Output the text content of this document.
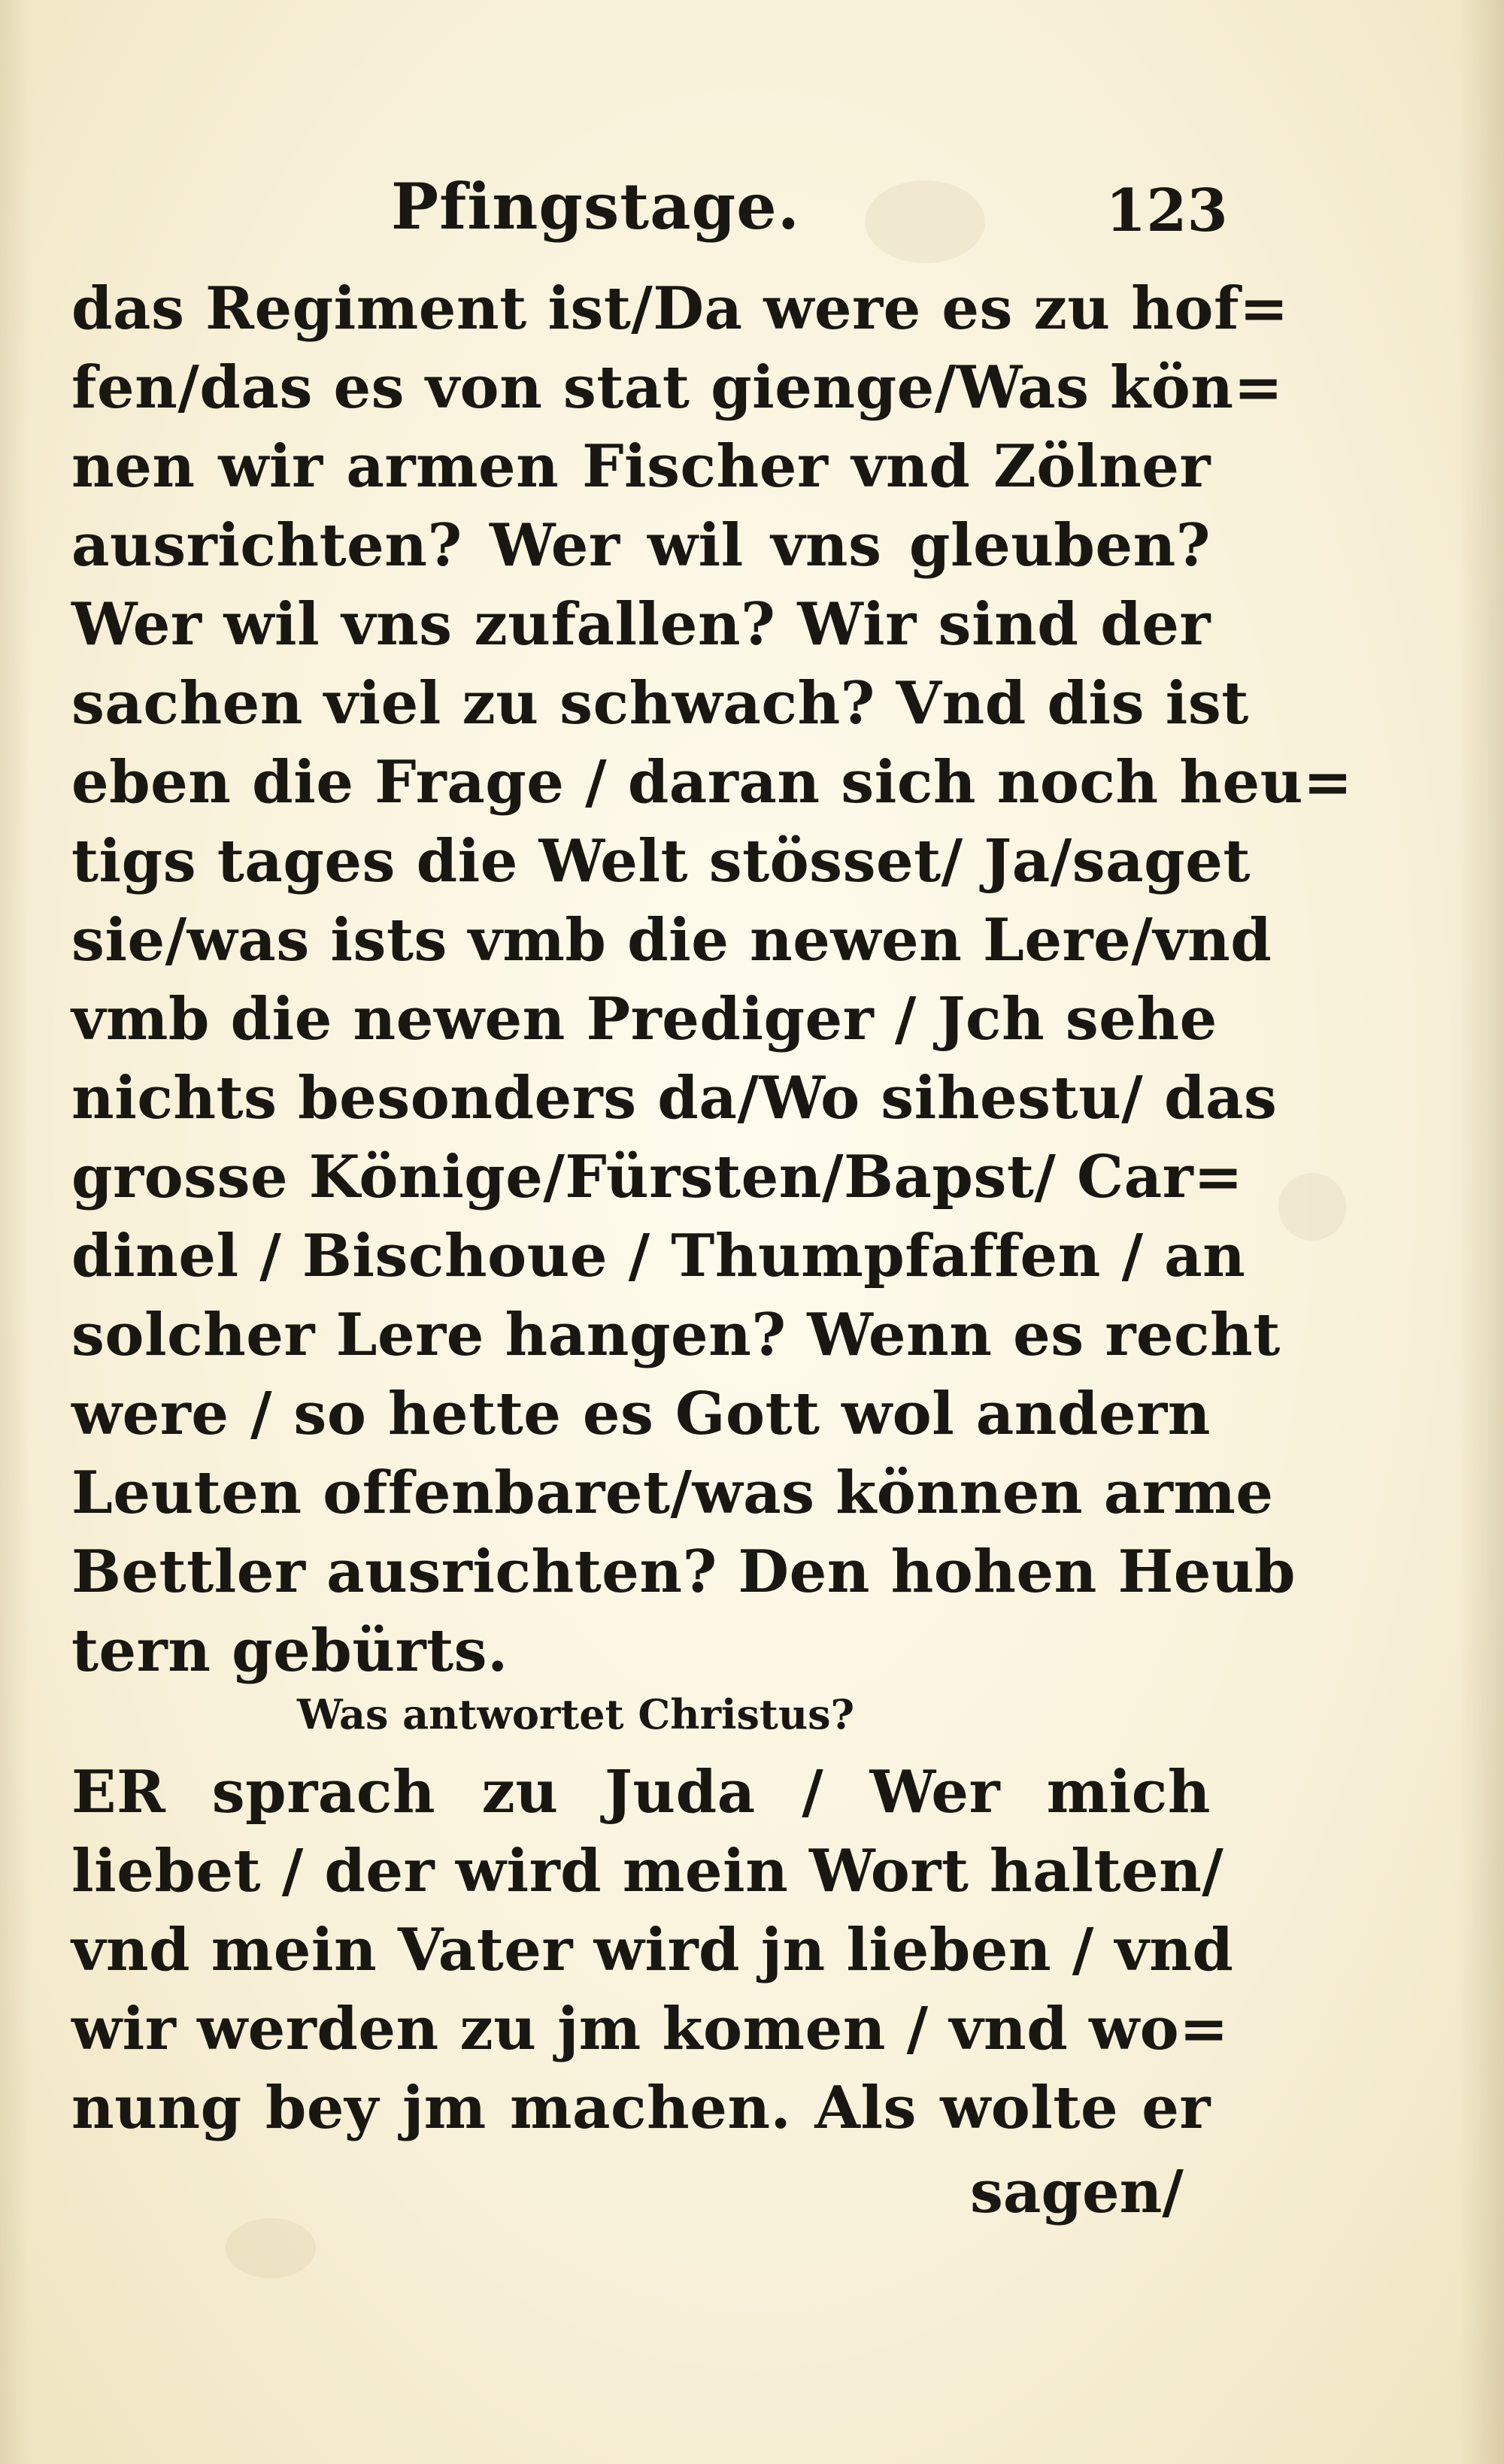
Pfingstage.	123
das Regiment ist/Da were es zu hof=
fen/das es von stat gienge/Was kön=
nen wir armen Fischer vnd Zölner
ausrichten? Wer wil vns gleuben?
Wer wil vns zufallen? Wir sind der
sachen viel zu schwach? Vnd dis ist
eben die Frage / daran sich noch heu=
tigs tages die Welt stösset/ Ja/saget
sie/was ists vmb die newen Lere/vnd
vmb die newen Prediger / Jch sehe
nichts besonders da/Wo sihestu/ das
grosse Könige/Fürsten/Bapst/ Car=
dinel / Bischoue / Thumpfaffen / an
solcher Lere hangen? Wenn es recht
were / so hette es Gott wol andern
Leuten offenbaret/was können arme
Bettler ausrichten? Den hohen Heub
tern gebürts.
Was antwortet Christus?
ER sprach zu Juda / Wer mich
liebet / der wird mein Wort halten/
vnd mein Vater wird jn lieben / vnd
wir werden zu jm komen / vnd wo=
nung bey jm machen. Als wolte er
sagen/
